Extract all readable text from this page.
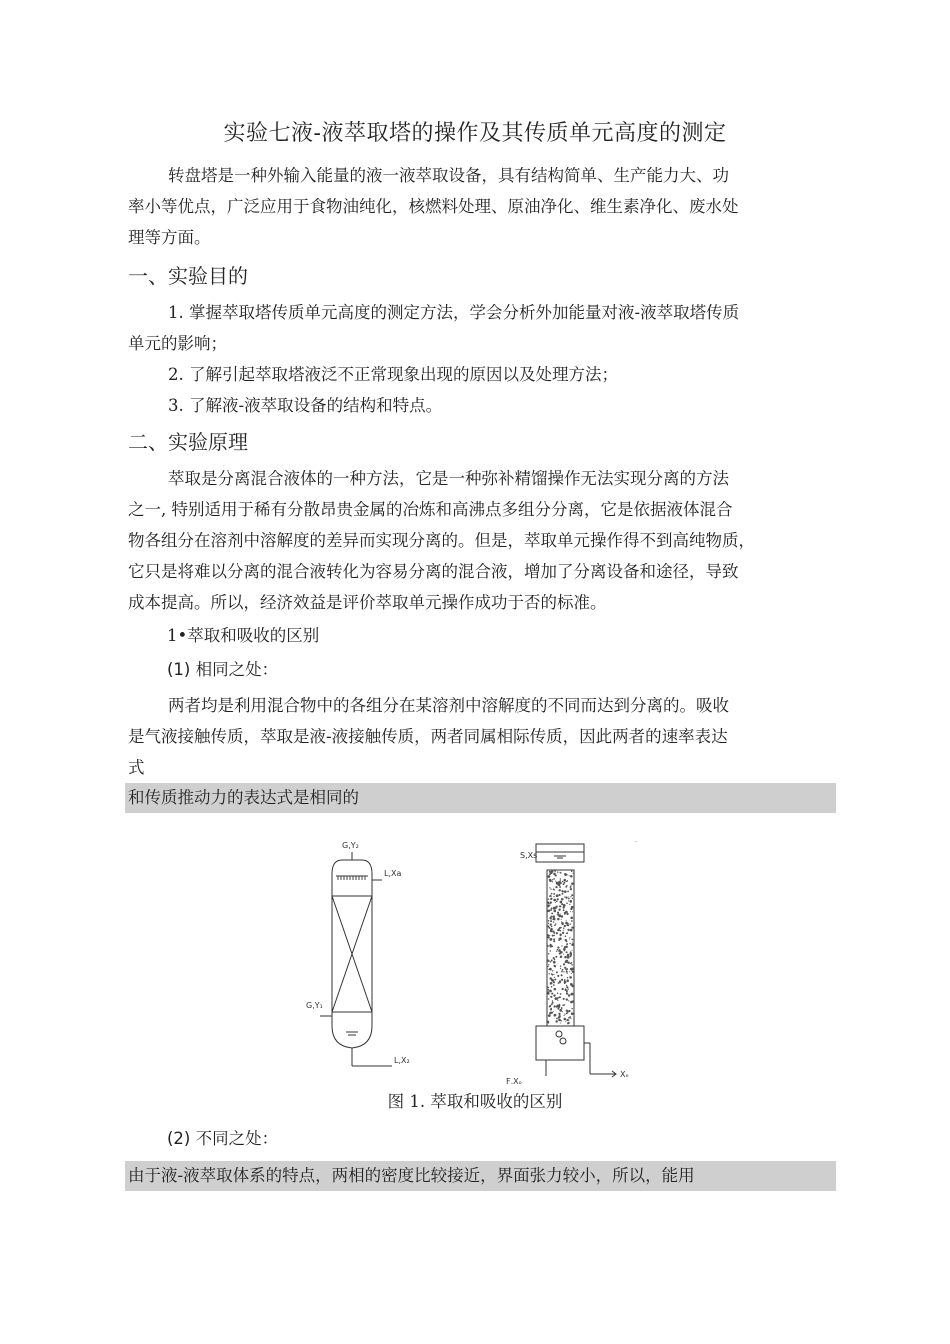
实验七液-液萃取塔的操作及其传质单元高度的测定
转盘塔是一种外输入能量的液一液萃取设备，具有结构简单、生产能力大、功
率小等优点，广泛应用于食物油纯化，核燃料处理、原油净化、维生素净化、废水处
理等方面。
一、实验目的
1. 掌握萃取塔传质单元高度的测定方法，学会分析外加能量对液-液萃取塔传质
单元的影响；
2. 了解引起萃取塔液泛不正常现象出现的原因以及处理方法；
3. 了解液-液萃取设备的结构和特点。
二、实验原理
萃取是分离混合液体的一种方法，它是一种弥补精馏操作无法实现分离的方法
之一, 特别适用于稀有分散昂贵金属的冶炼和高沸点多组分分离，它是依据液体混合
物各组分在溶剂中溶解度的差异而实现分离的。但是，萃取单元操作得不到高纯物质，
它只是将难以分离的混合液转化为容易分离的混合液，增加了分离设备和途径，导致
成本提高。所以，经济效益是评价萃取单元操作成功于否的标准。
1•萃取和吸收的区别
(1) 相同之处：
两者均是利用混合物中的各组分在某溶剂中溶解度的不同而达到分离的。吸收
是气液接触传质，萃取是液-液接触传质，两者同属相际传质，因此两者的速率表达
式
和传质推动力的表达式是相同的
G,Y₂
L,Xa
G,Y₁
L,X₂
S,Xs
F,Xₒ
Xₑ
ˉ
图 1. 萃取和吸收的区别
(2) 不同之处：
由于液-液萃取体系的特点，两相的密度比较接近，界面张力较小，所以，能用
